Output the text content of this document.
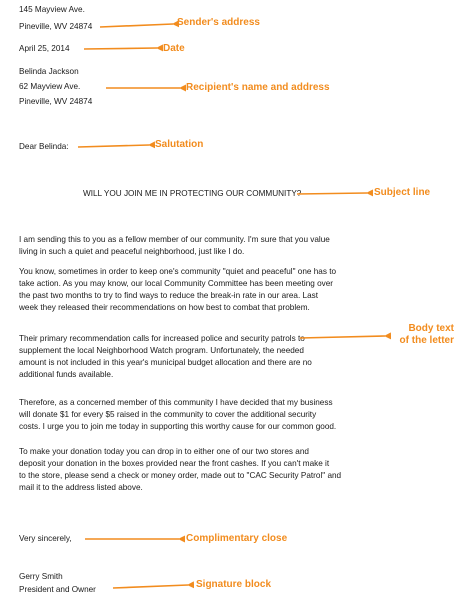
145 Mayview Ave.
Pineville, WV 24874
April 25, 2014
Belinda Jackson
62 Mayview Ave.
Pineville, WV 24874
Dear Belinda:
WILL YOU JOIN ME IN PROTECTING OUR COMMUNITY?
I am sending this to you as a fellow member of our community. I'm sure that you value
living in such a quiet and peaceful neighborhood, just like I do.
You know, sometimes in order to keep one's community "quiet and peaceful" one has to
take action. As you may know, our local Community Committee has been meeting over
the past two months to try to find ways to reduce the break-in rate in our area. Last
week they released their recommendations on how best to combat that problem.
Their primary recommendation calls for increased police and security patrols to
supplement the local Neighborhood Watch program. Unfortunately, the needed
amount is not included in this year's municipal budget allocation and there are no
additional funds available.
Therefore, as a concerned member of this community I have decided that my business
will donate $1 for every $5 raised in the community to cover the additional security
costs. I urge you to join me today in supporting this worthy cause for our common good.
To make your donation today you can drop in to either one of our two stores and
deposit your donation in the boxes provided near the front cashes. If you can't make it
to the store, please send a check or money order, made out to "CAC Security Patrol" and
mail it to the address listed above.
Very sincerely,
Gerry Smith
President and Owner
Sender's address
Date
Recipient's name and address
Salutation
Subject line
Body text
of the letter
Complimentary close
Signature block
